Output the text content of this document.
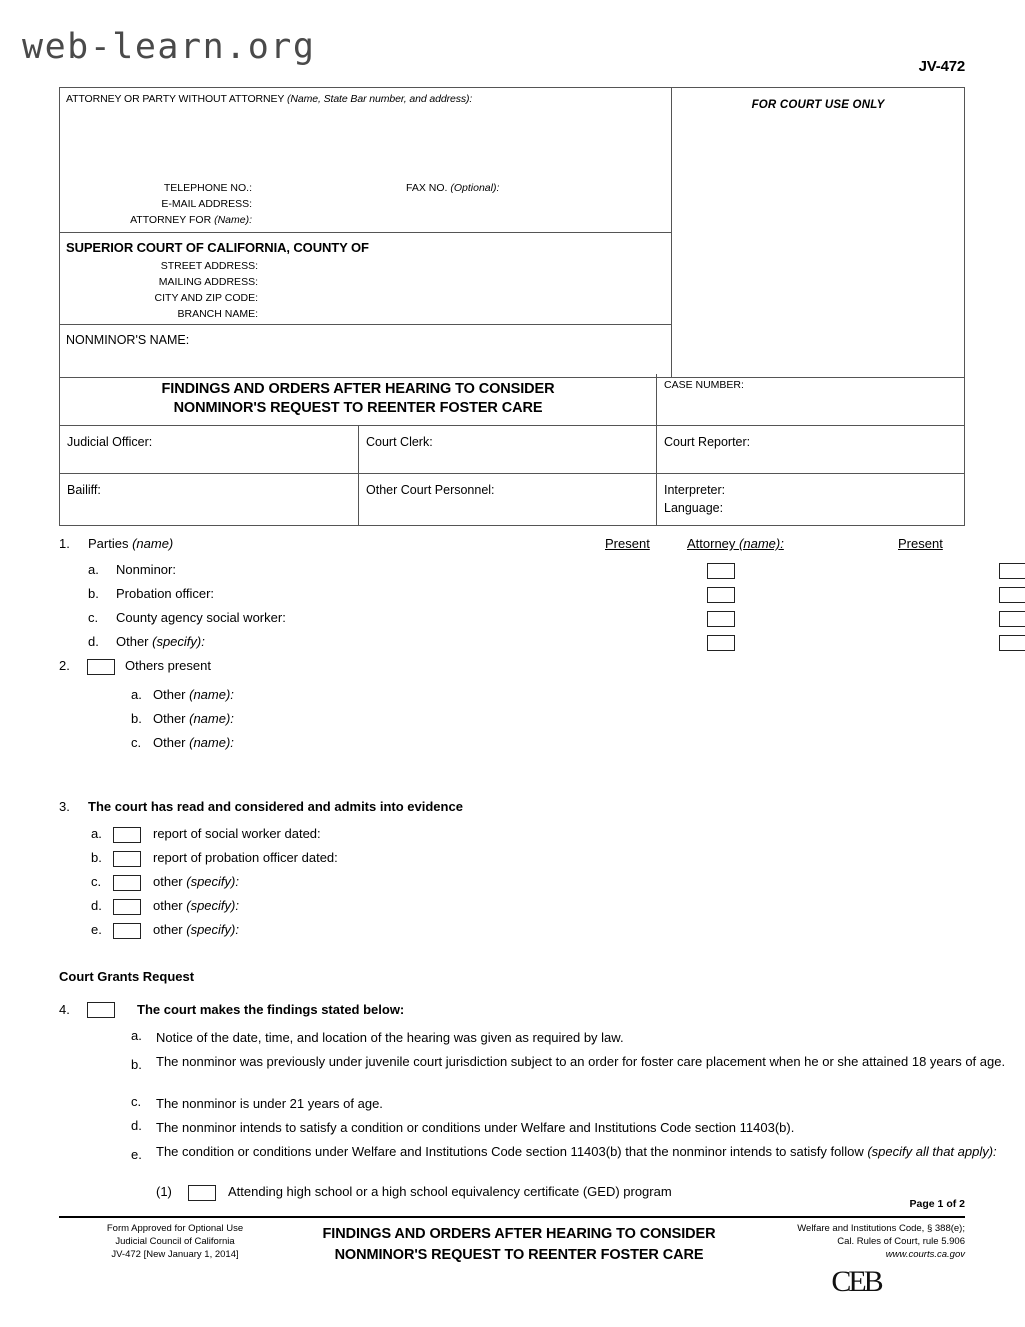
web-learn.org	JV-472
ATTORNEY OR PARTY WITHOUT ATTORNEY (Name, State Bar number, and address):
TELEPHONE NO.:	FAX NO. (Optional):
E-MAIL ADDRESS:
ATTORNEY FOR (Name):
SUPERIOR COURT OF CALIFORNIA, COUNTY OF
STREET ADDRESS:
MAILING ADDRESS:
CITY AND ZIP CODE:
BRANCH NAME:
NONMINOR'S NAME:
FOR COURT USE ONLY
FINDINGS AND ORDERS AFTER HEARING TO CONSIDER
NONMINOR'S REQUEST TO REENTER FOSTER CARE
CASE NUMBER:
Judicial Officer:	Court Clerk:	Court Reporter:
Bailiff:	Other Court Personnel:	Interpreter:
Language:
1. Parties (name)	Present	Attorney (name):	Present
a. Nonminor:
b. Probation officer:
c. County agency social worker:
d. Other (specify):
2.	Others present
a. Other (name):
b. Other (name):
c. Other (name):
3. The court has read and considered and admits into evidence
a.	report of social worker dated:
b.	report of probation officer dated:
c.	other (specify):
d.	other (specify):
e.	other (specify):
Court Grants Request
4.	The court makes the findings stated below:
a. Notice of the date, time, and location of the hearing was given as required by law.
b. The nonminor was previously under juvenile court jurisdiction subject to an order for foster care placement when he or she attained 18 years of age.
c. The nonminor is under 21 years of age.
d. The nonminor intends to satisfy a condition or conditions under Welfare and Institutions Code section 11403(b).
e. The condition or conditions under Welfare and Institutions Code section 11403(b) that the nonminor intends to satisfy follow (specify all that apply):
(1)	Attending high school or a high school equivalency certificate (GED) program
Page 1 of 2
Form Approved for Optional Use
Judicial Council of California
JV-472 [New January 1, 2014]
FINDINGS AND ORDERS AFTER HEARING TO CONSIDER
NONMINOR'S REQUEST TO REENTER FOSTER CARE
Welfare and Institutions Code, § 388(e);
Cal. Rules of Court, rule 5.906
www.courts.ca.gov
CEB
